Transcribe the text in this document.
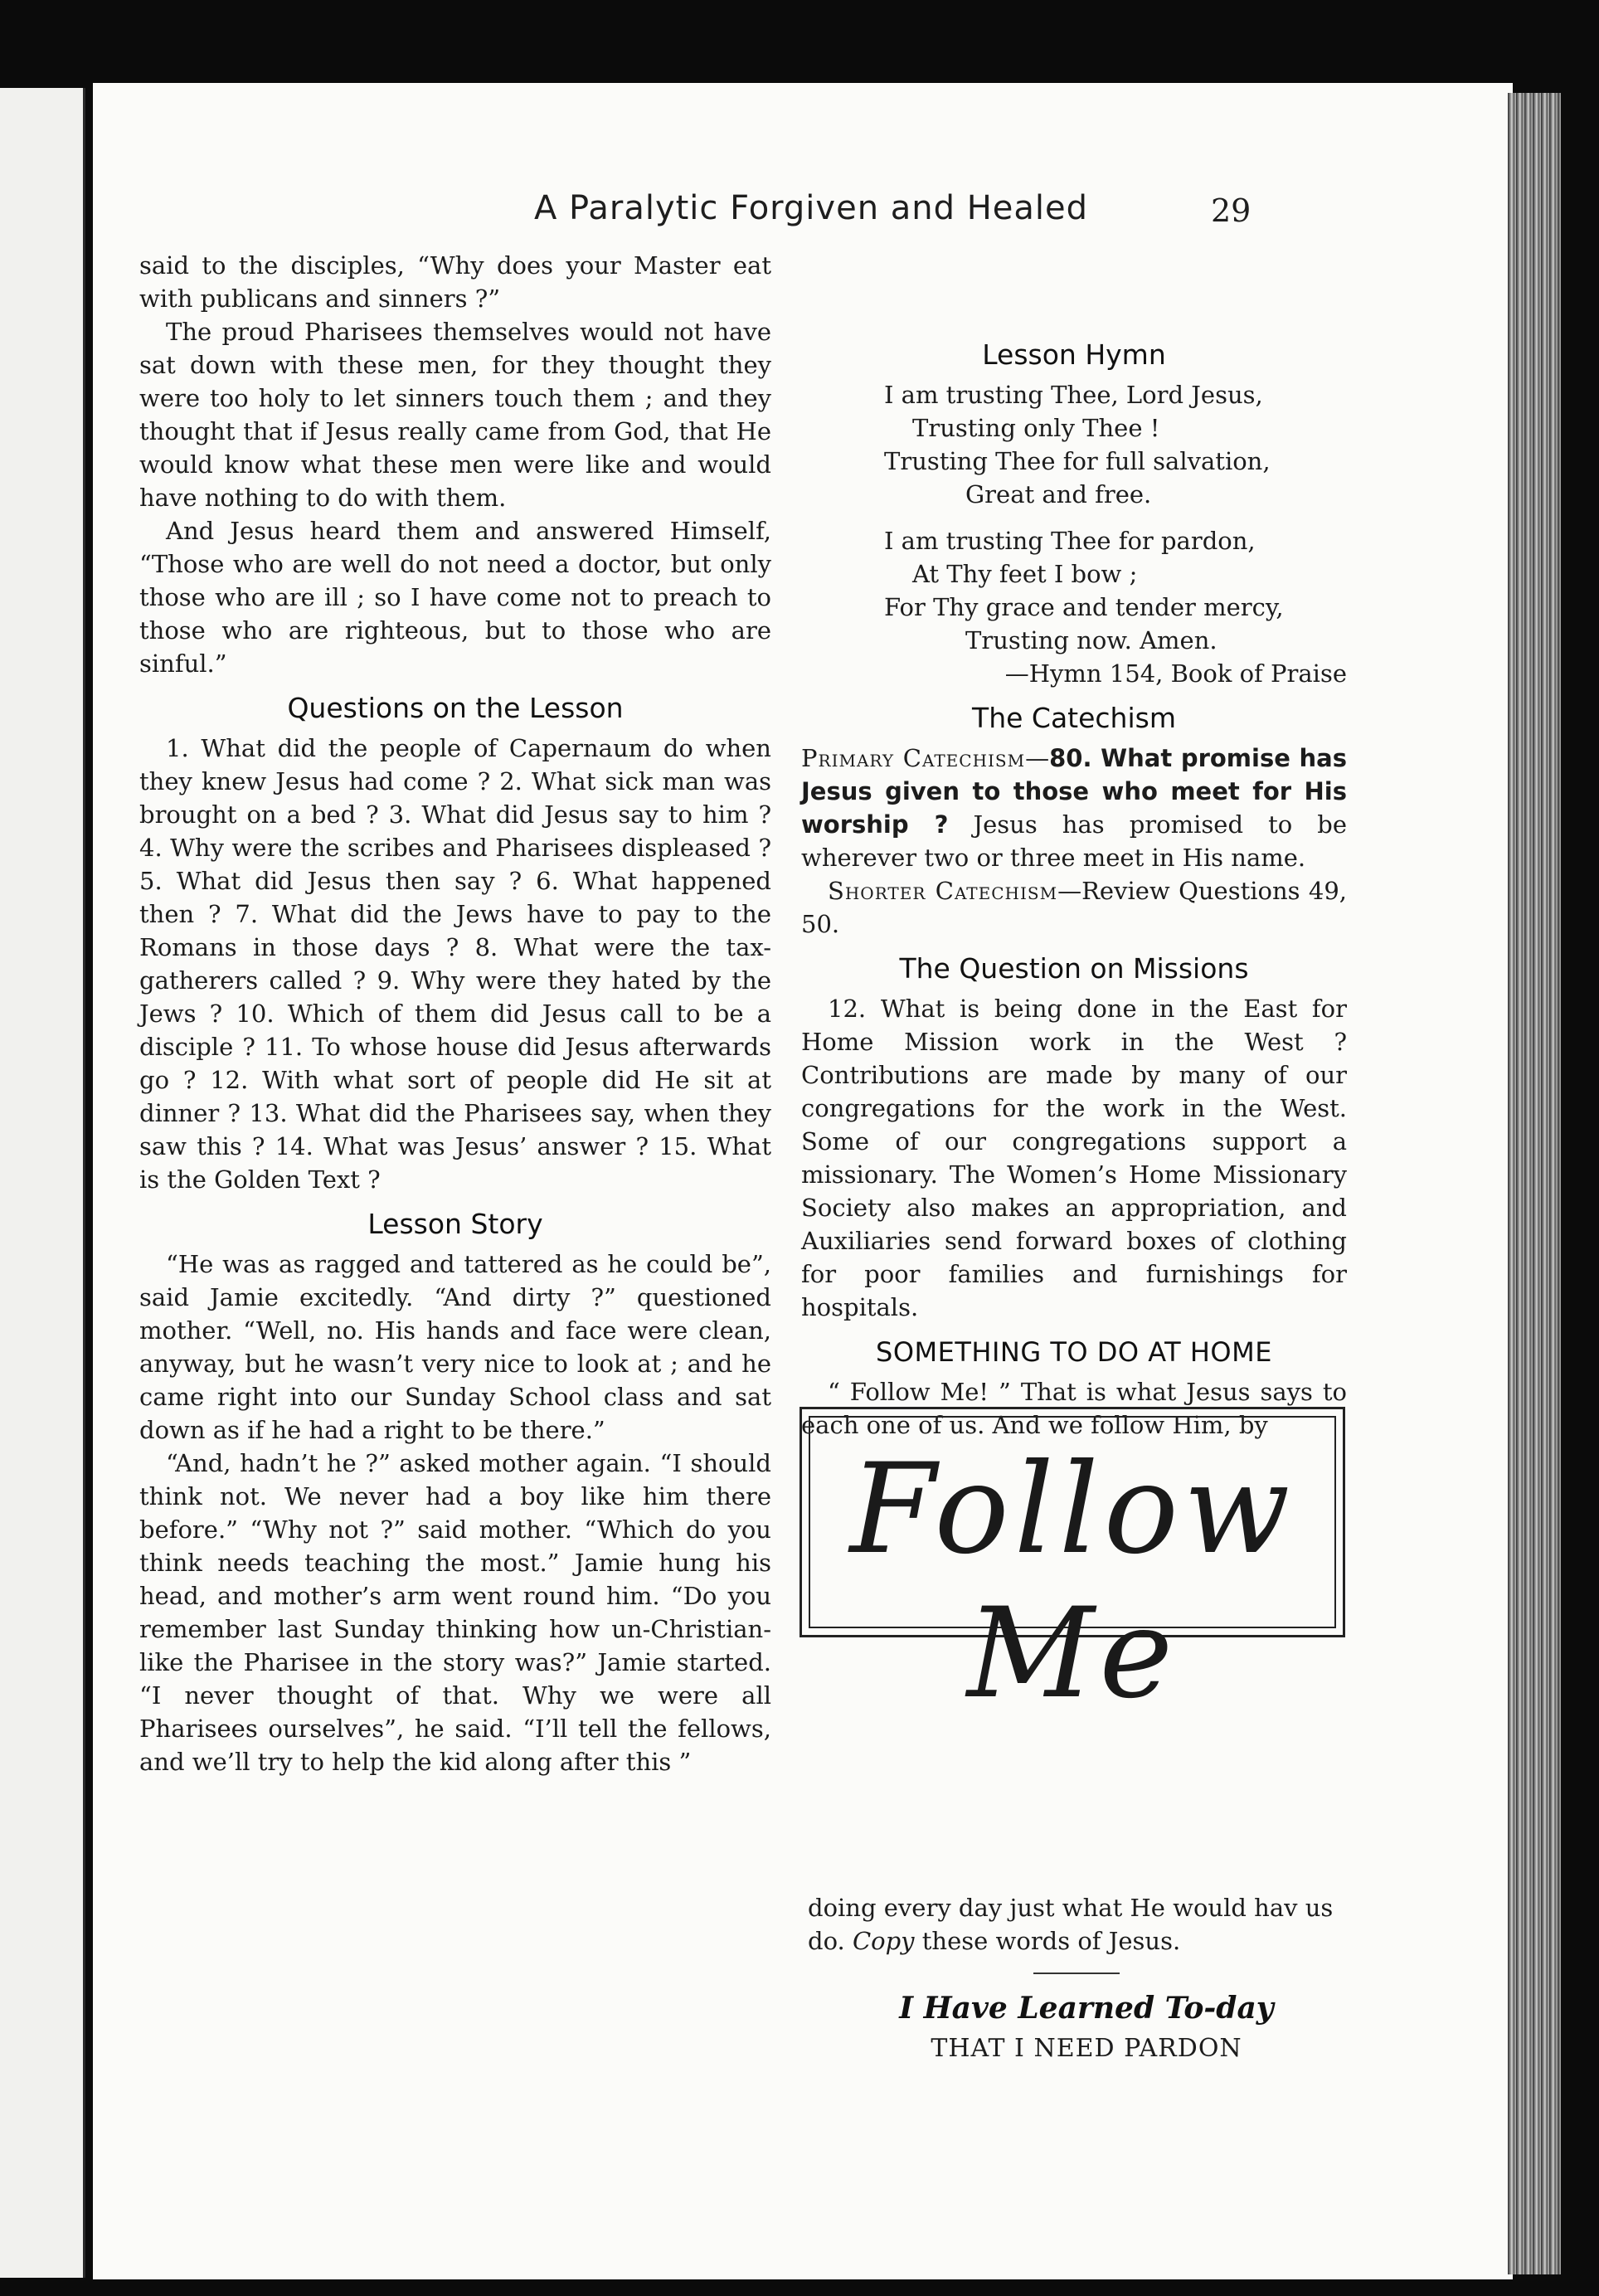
A Paralytic Forgiven and Healed	29

said to the disciples, “Why does your Master eat with publicans and sinners ?”

The proud Pharisees themselves would not have sat down with these men, for they thought they were too holy to let sinners touch them ; and they thought that if Jesus really came from God, that He would know what these men were like and would have nothing to do with them.

And Jesus heard them and answered Himself, “Those who are well do not need a doctor, but only those who are ill ; so I have come not to preach to those who are righteous, but to those who are sinful.”

Questions on the Lesson

1. What did the people of Capernaum do when they knew Jesus had come ? 2. What sick man was brought on a bed ? 3. What did Jesus say to him ? 4. Why were the scribes and Pharisees displeased ? 5. What did Jesus then say ? 6. What happened then ? 7. What did the Jews have to pay to the Romans in those days ? 8. What were the tax-gatherers called ? 9. Why were they hated by the Jews ? 10. Which of them did Jesus call to be a disciple ? 11. To whose house did Jesus afterwards go ? 12. With what sort of people did He sit at dinner ? 13. What did the Pharisees say, when they saw this ? 14. What was Jesus’ answer ? 15. What is the Golden Text ?

Lesson Story

“He was as ragged and tattered as he could be”, said Jamie excitedly. “And dirty ?” questioned mother. “Well, no. His hands and face were clean, anyway, but he wasn’t very nice to look at ; and he came right into our Sunday School class and sat down as if he had a right to be there.”

“And, hadn’t he ?” asked mother again. “I should think not. We never had a boy like him there before.” “Why not ?” said mother. “Which do you think needs teaching the most.” Jamie hung his head, and mother’s arm went round him. “Do you remember last Sunday thinking how un-Christian-like the Pharisee in the story was?” Jamie started. “I never thought of that. Why we were all Pharisees ourselves”, he said. “I’ll tell the fellows, and we’ll try to help the kid along after this ”

Lesson Hymn
I am trusting Thee, Lord Jesus,
Trusting only Thee !
Trusting Thee for full salvation,
Great and free.
I am trusting Thee for pardon,
At Thy feet I bow ;
For Thy grace and tender mercy,
Trusting now. Amen.
—Hymn 154, Book of Praise
The Catechism

Primary Catechism—80. What promise has Jesus given to those who meet for His worship ? Jesus has promised to be wherever two or three meet in His name.

Shorter Catechism—Review Questions 49, 50.

The Question on Missions

12. What is being done in the East for Home Mission work in the West ? Contributions are made by many of our congregations for the work in the West. Some of our congregations support a missionary. The Women’s Home Missionary Society also makes an appropriation, and Auxiliaries send forward boxes of clothing for poor families and furnishings for hospitals.

SOMETHING TO DO AT HOME

“ Follow Me! ” That is what Jesus says to each one of us. And we follow Him, by

Follow Me
doing every day just what He would hav us do. Copy these words of Jesus.
I Have Learned To-day
THAT I NEED PARDON
